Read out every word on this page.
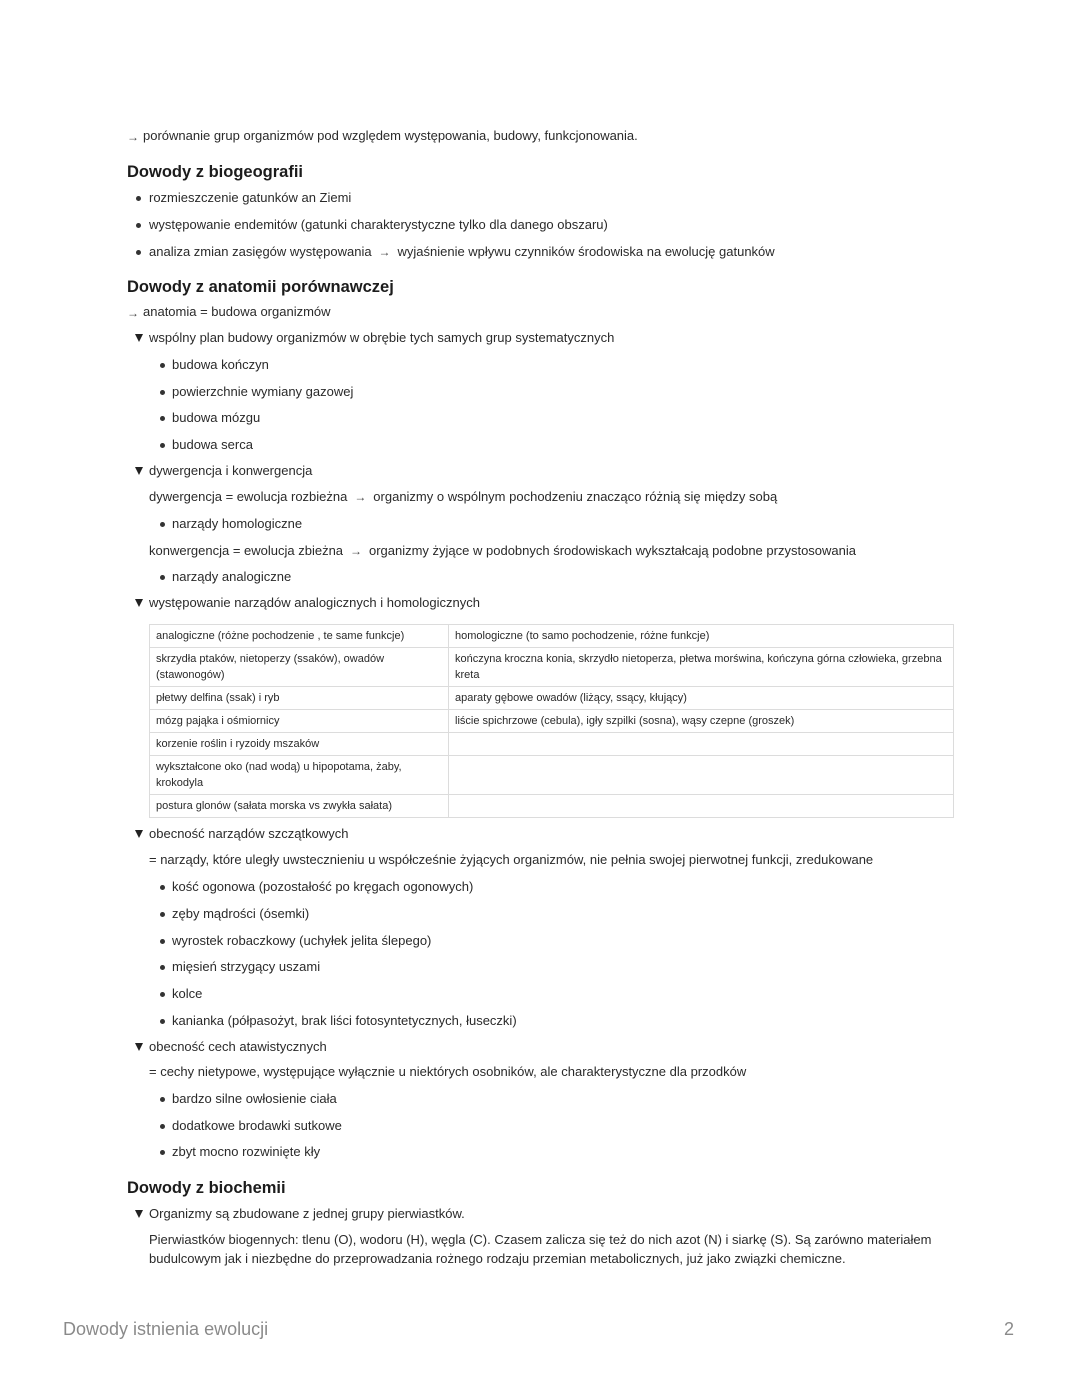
→ porównanie grup organizmów pod względem występowania, budowy, funkcjonowania.
Dowody z biogeografii
rozmieszczenie gatunków an Ziemi
występowanie endemitów (gatunki charakterystyczne tylko dla danego obszaru)
analiza zmian zasięgów występowania  →  wyjaśnienie wpływu czynników środowiska na ewolucję gatunków
Dowody z anatomii porównawczej
→ anatomia = budowa organizmów
wspólny plan budowy organizmów w obrębie tych samych grup systematycznych
budowa kończyn
powierzchnie wymiany gazowej
budowa mózgu
budowa serca
dywergencja i konwergencja
dywergencja = ewolucja rozbieżna  →  organizmy o wspólnym pochodzeniu znacząco różnią się między sobą
narządy homologiczne
konwergencja = ewolucja zbieżna  →  organizmy żyjące w podobnych środowiskach wykształcają podobne przystosowania
narządy analogiczne
występowanie narządów analogicznych i homologicznych
analogiczne (różne pochodzenie , te same funkcje)	homologiczne (to samo pochodzenie, różne funkcje)
skrzydła ptaków, nietoperzy (ssaków), owadów (stawonogów)	kończyna kroczna konia, skrzydło nietoperza, płetwa morświna, kończyna górna człowieka, grzebna kreta
płetwy delfina (ssak) i ryb	aparaty gębowe owadów (liżący, ssący, kłujący)
mózg pająka i ośmiornicy	liście spichrzowe (cebula), igły szpilki (sosna), wąsy czepne (groszek)
korzenie roślin i ryzoidy mszaków	
wykształcone oko (nad wodą) u hipopotama, żaby, krokodyla	
postura glonów (sałata morska vs zwykła sałata)	
obecność narządów szczątkowych
= narządy, które uległy uwstecznieniu u współcześnie żyjących organizmów, nie pełnia swojej pierwotnej funkcji, zredukowane
kość ogonowa (pozostałość po kręgach ogonowych)
zęby mądrości (ósemki)
wyrostek robaczkowy (uchyłek jelita ślepego)
mięsień strzygący uszami
kolce
kanianka (półpasożyt, brak liści fotosyntetycznych, łuseczki)
obecność cech atawistycznych
= cechy nietypowe, występujące wyłącznie u niektórych osobników, ale charakterystyczne dla przodków
bardzo silne owłosienie ciała
dodatkowe brodawki sutkowe
zbyt mocno rozwinięte kły
Dowody z biochemii
Organizmy są zbudowane z jednej grupy pierwiastków.
Pierwiastków biogennych: tlenu (O), wodoru (H), węgla (C). Czasem zalicza się też do nich azot (N) i siarkę (S). Są zarówno materiałem
budulcowym jak i niezbędne do przeprowadzania rożnego rodzaju przemian metabolicznych, już jako związki chemiczne.
Dowody istnienia ewolucji	2
